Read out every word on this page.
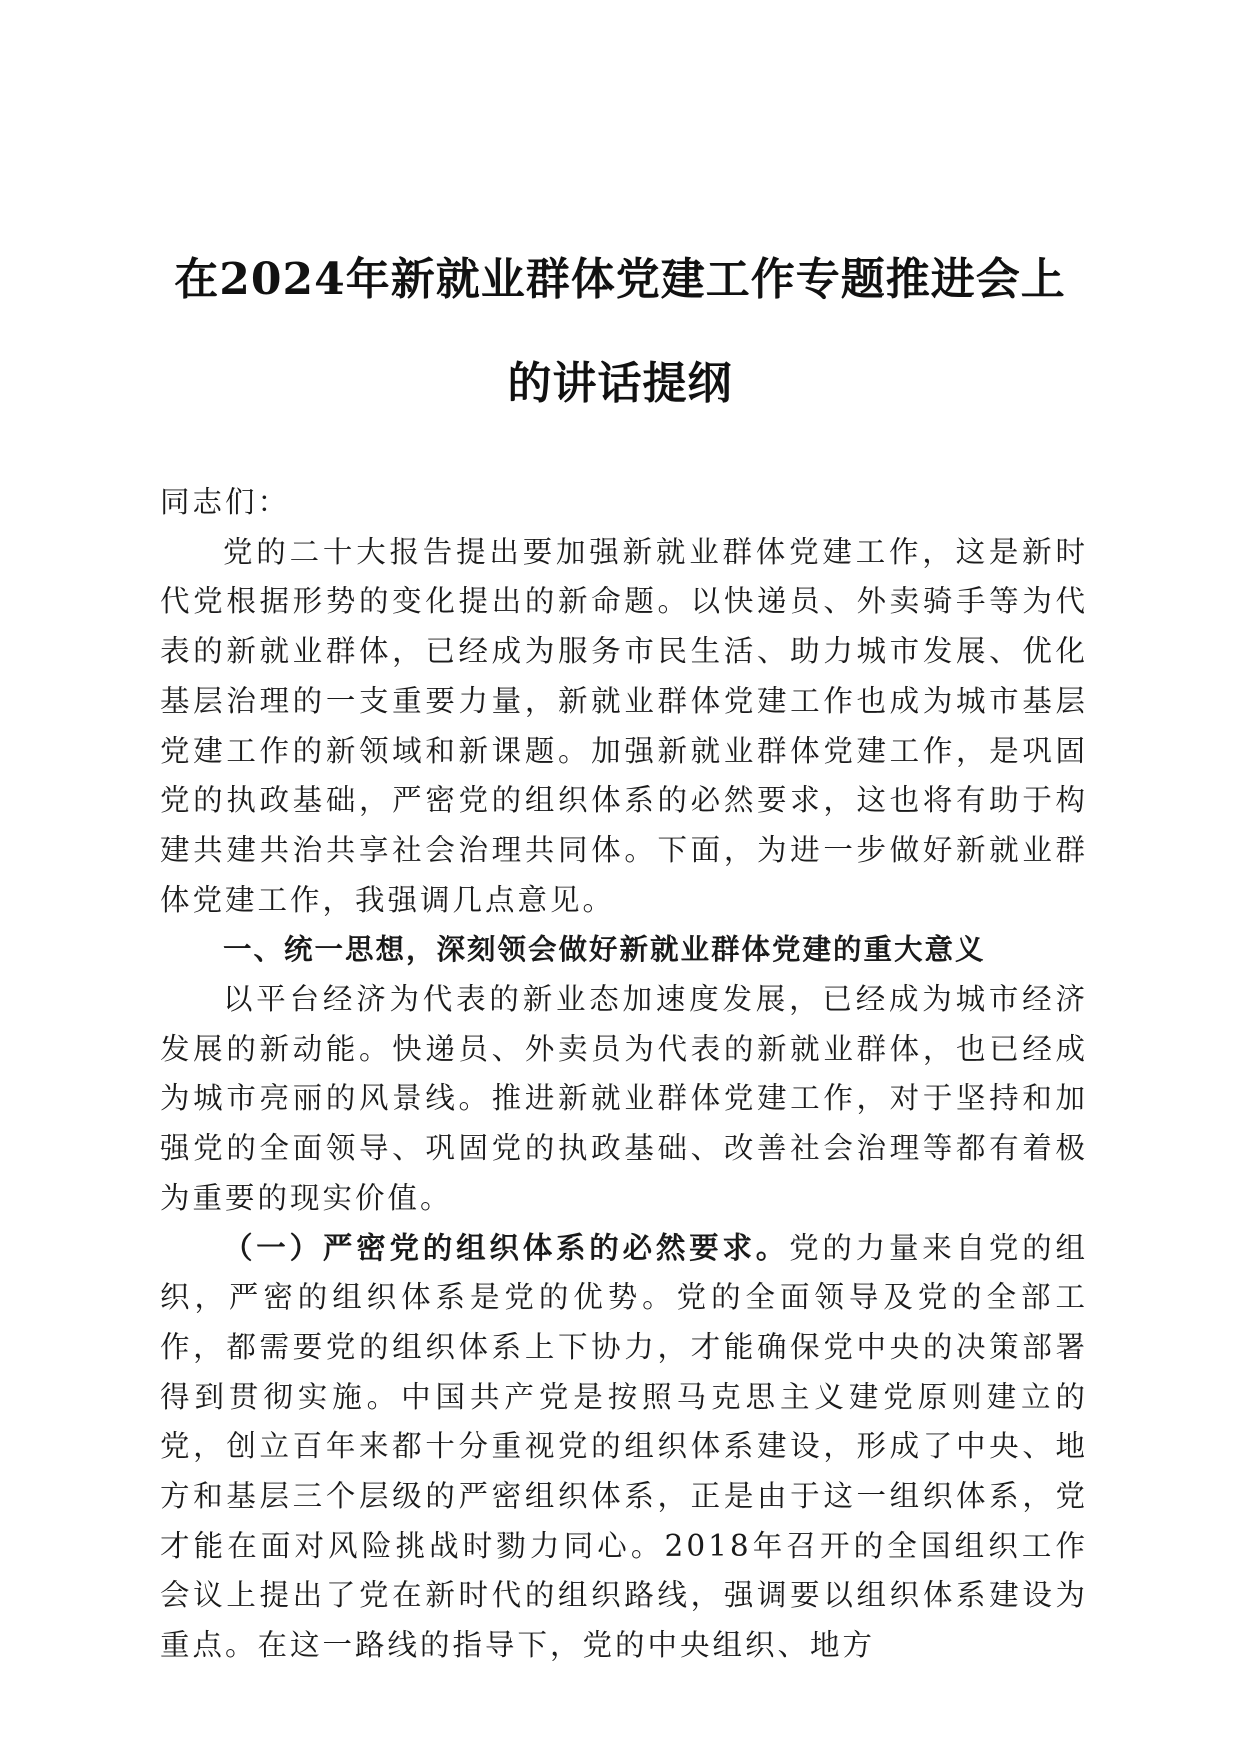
在2024年新就业群体党建工作专题推进会上
的讲话提纲

同志们：

党的二十大报告提出要加强新就业群体党建工作，这是新时代党根据形势的变化提出的新命题。以快递员、外卖骑手等为代表的新就业群体，已经成为服务市民生活、助力城市发展、优化基层治理的一支重要力量，新就业群体党建工作也成为城市基层党建工作的新领域和新课题。加强新就业群体党建工作，是巩固党的执政基础，严密党的组织体系的必然要求，这也将有助于构建共建共治共享社会治理共同体。下面，为进一步做好新就业群体党建工作，我强调几点意见。

一、统一思想，深刻领会做好新就业群体党建的重大意义

以平台经济为代表的新业态加速度发展，已经成为城市经济发展的新动能。快递员、外卖员为代表的新就业群体，也已经成为城市亮丽的风景线。推进新就业群体党建工作，对于坚持和加强党的全面领导、巩固党的执政基础、改善社会治理等都有着极为重要的现实价值。

（一）严密党的组织体系的必然要求。党的力量来自党的组织，严密的组织体系是党的优势。党的全面领导及党的全部工作，都需要党的组织体系上下协力，才能确保党中央的决策部署得到贯彻实施。中国共产党是按照马克思主义建党原则建立的党，创立百年来都十分重视党的组织体系建设，形成了中央、地方和基层三个层级的严密组织体系，正是由于这一组织体系，党才能在面对风险挑战时勠力同心。2018年召开的全国组织工作会议上提出了党在新时代的组织路线，强调要以组织体系建设为重点。在这一路线的指导下，党的中央组织、地方
